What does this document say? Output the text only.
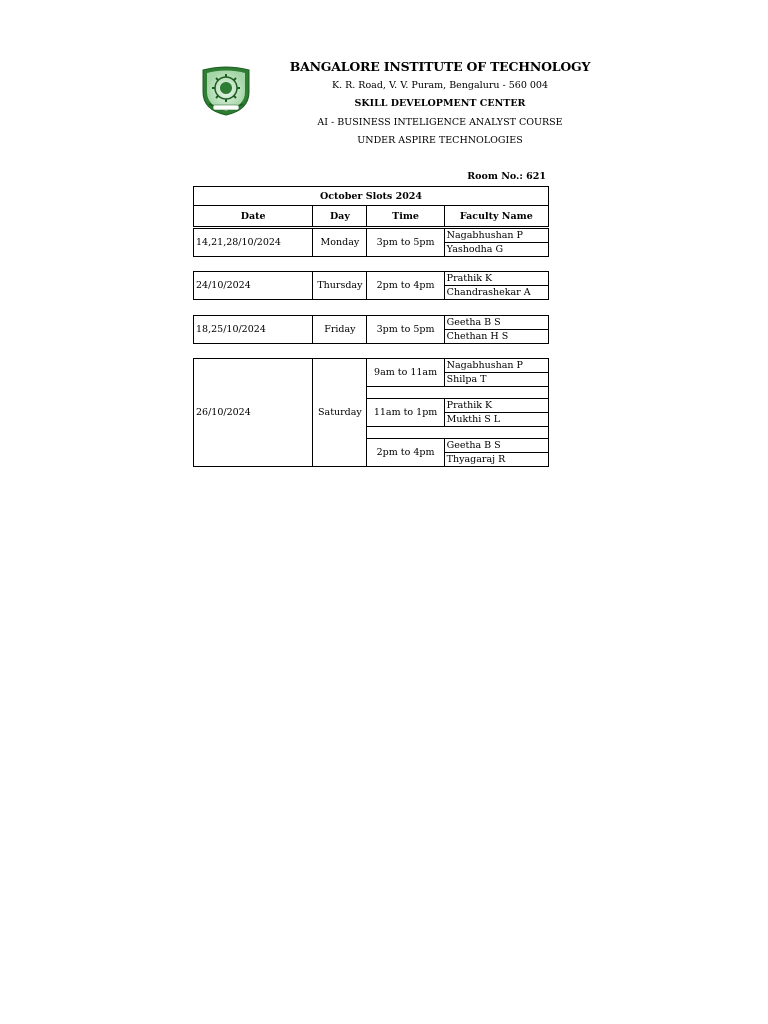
BANGALORE INSTITUTE OF TECHNOLOGY
K. R. Road, V. V. Puram, Bengaluru - 560 004
SKILL DEVELOPMENT CENTER
AI - BUSINESS INTELIGENCE ANALYST COURSE
UNDER ASPIRE TECHNOLOGIES
Room No.: 621
October Slots 2024
Date	Day	Time	Faculty Name
14,21,28/10/2024	Monday	3pm to 5pm	Nagabhushan P
Yashodha G
24/10/2024	Thursday	2pm to 4pm	Prathik K
Chandrashekar A
18,25/10/2024	Friday	3pm to 5pm	Geetha B S
Chethan H S
26/10/2024	Saturday	9am to 11am	Nagabhushan P
			Shilpa T

		11am to 1pm	Prathik K
			Mukthi S L

		2pm to 4pm	Geetha B S
			Thyagaraj R
